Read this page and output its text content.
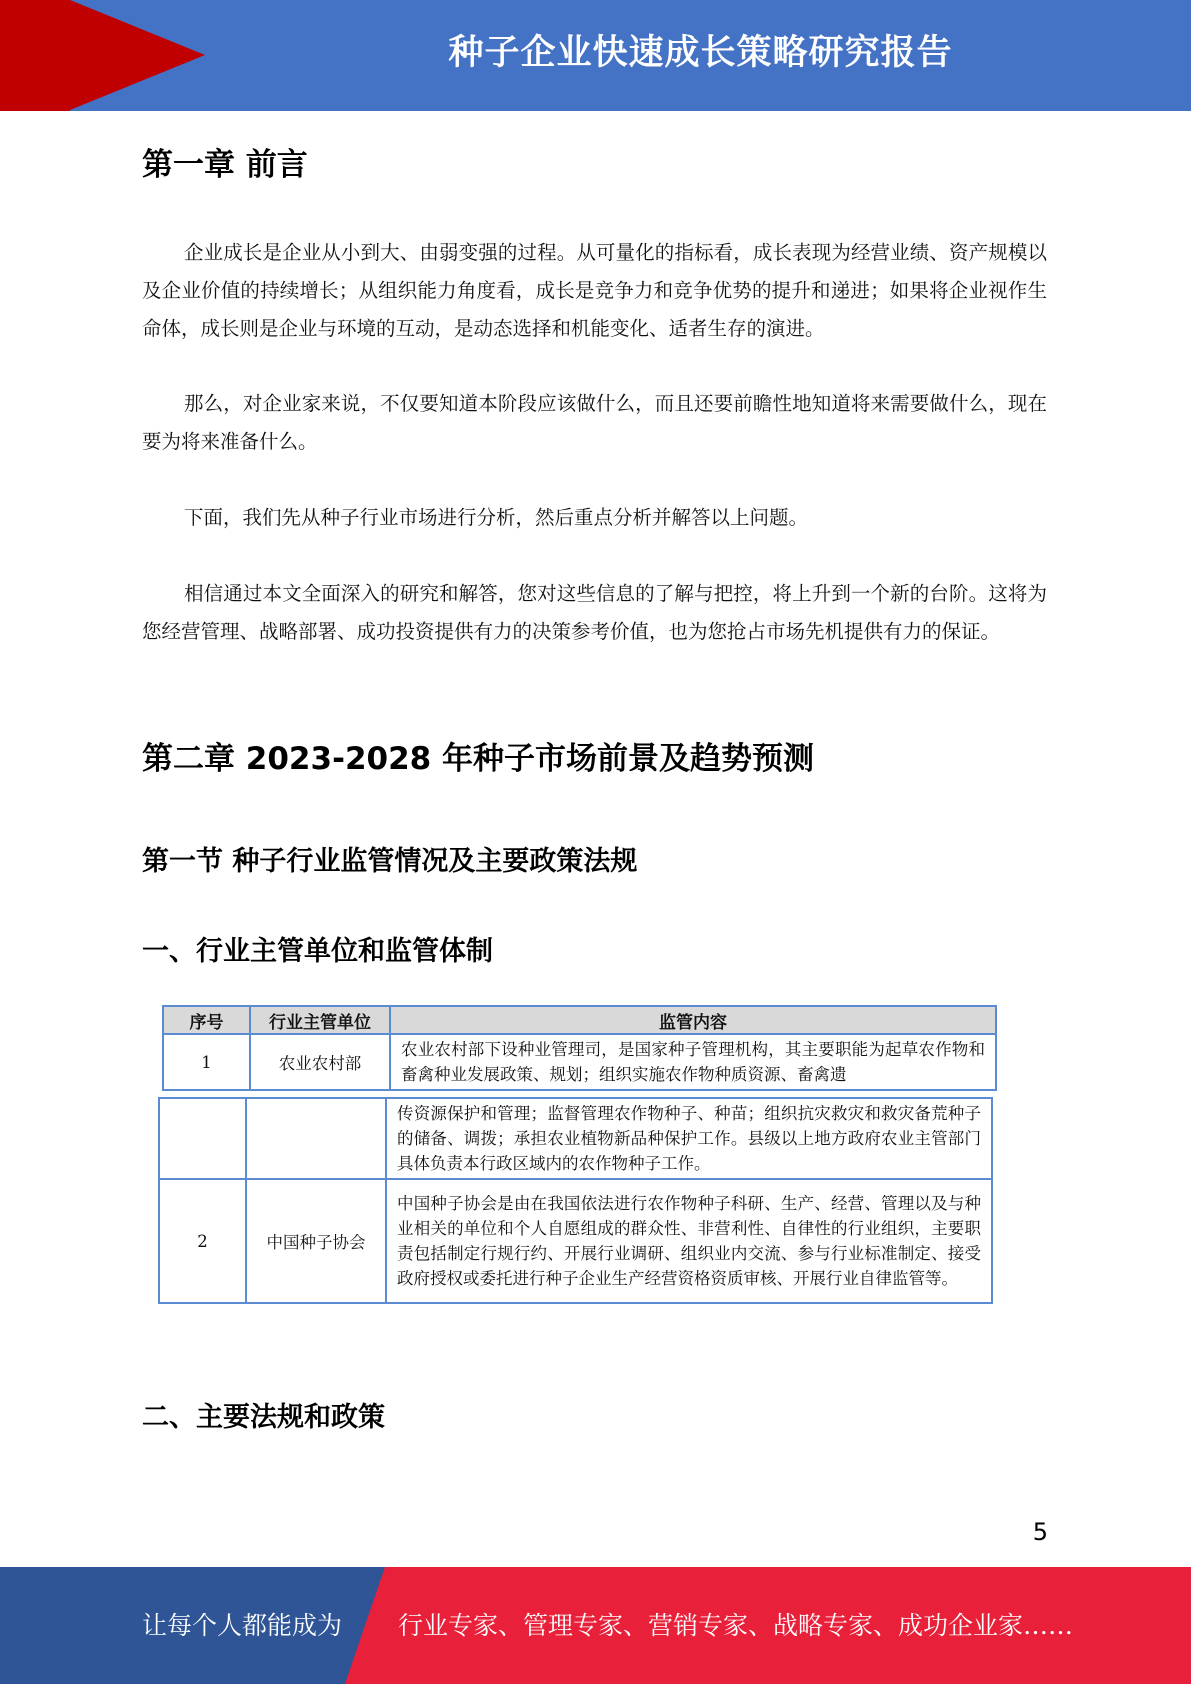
种子企业快速成长策略研究报告
第一章 前言

企业成长是企业从小到大、由弱变强的过程。从可量化的指标看，成长表现为经营业绩、资产规模以及企业价值的持续增长；从组织能力角度看，成长是竞争力和竞争优势的提升和递进；如果将企业视作生命体，成长则是企业与环境的互动，是动态选择和机能变化、适者生存的演进。

那么，对企业家来说，不仅要知道本阶段应该做什么，而且还要前瞻性地知道将来需要做什么，现在要为将来准备什么。

下面，我们先从种子行业市场进行分析，然后重点分析并解答以上问题。

相信通过本文全面深入的研究和解答，您对这些信息的了解与把控，将上升到一个新的台阶。这将为您经营管理、战略部署、成功投资提供有力的决策参考价值，也为您抢占市场先机提供有力的保证。

第二章 2023-2028 年种子市场前景及趋势预测
第一节 种子行业监管情况及主要政策法规
一、行业主管单位和监管体制
序号	行业主管单位	监管内容
1	农业农村部	农业农村部下设种业管理司，是国家种子管理机构，其主要职能为起草农作物和畜禽种业发展政策、规划；组织实施农作物种质资源、畜禽遗
		传资源保护和管理；监督管理农作物种子、种苗；组织抗灾救灾和救灾备荒种子的储备、调拨；承担农业植物新品种保护工作。县级以上地方政府农业主管部门具体负责本行政区域内的农作物种子工作。
2	中国种子协会	中国种子协会是由在我国依法进行农作物种子科研、生产、经营、管理以及与种业相关的单位和个人自愿组成的群众性、非营利性、自律性的行业组织，主要职责包括制定行规行约、开展行业调研、组织业内交流、参与行业标准制定、接受政府授权或委托进行种子企业生产经营资格资质审核、开展行业自律监管等。
二、主要法规和政策
5
让每个人都能成为 行业专家、管理专家、营销专家、战略专家、成功企业家……
